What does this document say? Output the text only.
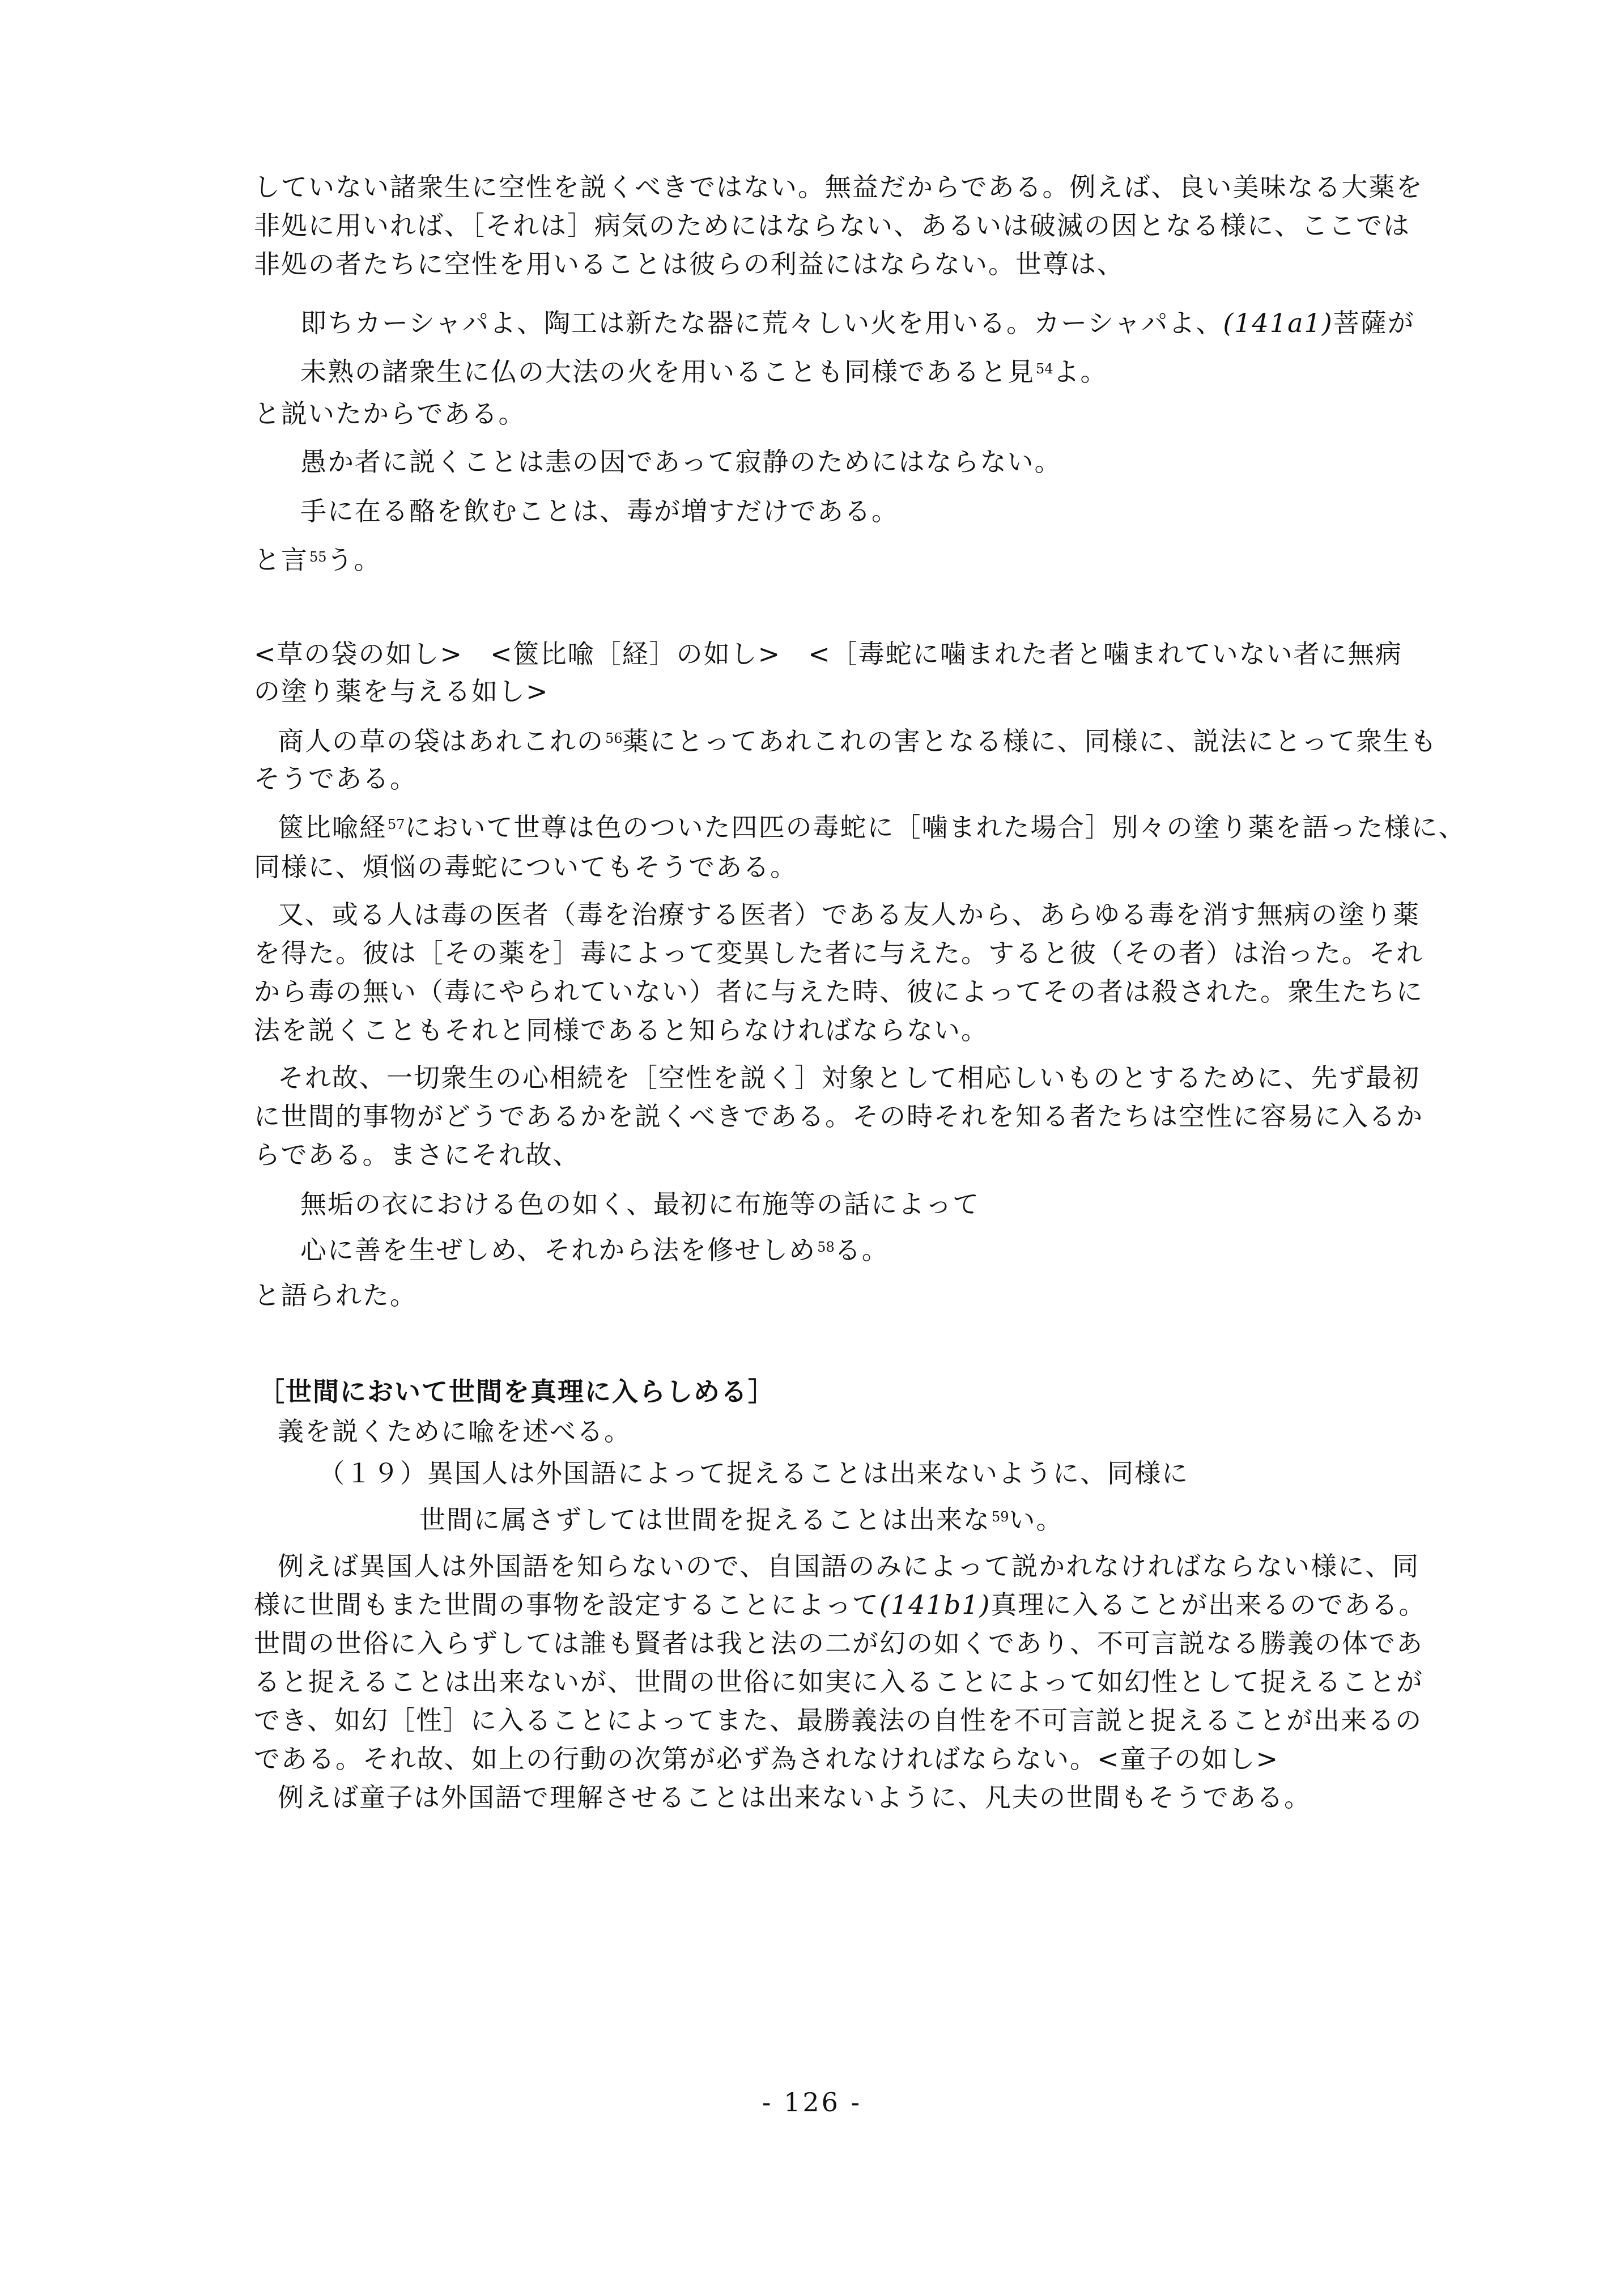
していない諸衆生に空性を説くべきではない。無益だからである。例えば、良い美味なる大薬を
非処に用いれば、［それは］病気のためにはならない、あるいは破滅の因となる様に、ここでは
非処の者たちに空性を用いることは彼らの利益にはならない。世尊は、
即ちカーシャパよ、陶工は新たな器に荒々しい火を用いる。カーシャパよ、(141a1)菩薩が
未熟の諸衆生に仏の大法の火を用いることも同様であると見$^{54}$よ。
と説いたからである。
愚か者に説くことは恚の因であって寂静のためにはならない。
手に在る酪を飲むことは、毒が増すだけである。
と言$^{55}$う。
<草の袋の如し>　<篋比喩［経］の如し>　<［毒蛇に噛まれた者と噛まれていない者に無病
の塗り薬を与える如し>
商人の草の袋はあれこれの$^{56}$薬にとってあれこれの害となる様に、同様に、説法にとって衆生も
そうである。
篋比喩経$^{57}$において世尊は色のついた四匹の毒蛇に［噛まれた場合］別々の塗り薬を語った様に、
同様に、煩悩の毒蛇についてもそうである。
又、或る人は毒の医者（毒を治療する医者）である友人から、あらゆる毒を消す無病の塗り薬
を得た。彼は［その薬を］毒によって変異した者に与えた。すると彼（その者）は治った。それ
から毒の無い（毒にやられていない）者に与えた時、彼によってその者は殺された。衆生たちに
法を説くこともそれと同様であると知らなければならない。
それ故、一切衆生の心相続を［空性を説く］対象として相応しいものとするために、先ず最初
に世間的事物がどうであるかを説くべきである。その時それを知る者たちは空性に容易に入るか
らである。まさにそれ故、
無垢の衣における色の如く、最初に布施等の話によって
心に善を生ぜしめ、それから法を修せしめ$^{58}$る。
と語られた。
［世間において世間を真理に入らしめる］
義を説くために喩を述べる。
（１９）異国人は外国語によって捉えることは出来ないように、同様に
世間に属さずしては世間を捉えることは出来な$^{59}$い。
例えば異国人は外国語を知らないので、自国語のみによって説かれなければならない様に、同
様に世間もまた世間の事物を設定することによって(141b1)真理に入ることが出来るのである。
世間の世俗に入らずしては誰も賢者は我と法の二が幻の如くであり、不可言説なる勝義の体であ
ると捉えることは出来ないが、世間の世俗に如実に入ることによって如幻性として捉えることが
でき、如幻［性］に入ることによってまた、最勝義法の自性を不可言説と捉えることが出来るの
である。それ故、如上の行動の次第が必ず為されなければならない。<童子の如し>
例えば童子は外国語で理解させることは出来ないように、凡夫の世間もそうである。
- 126 -
